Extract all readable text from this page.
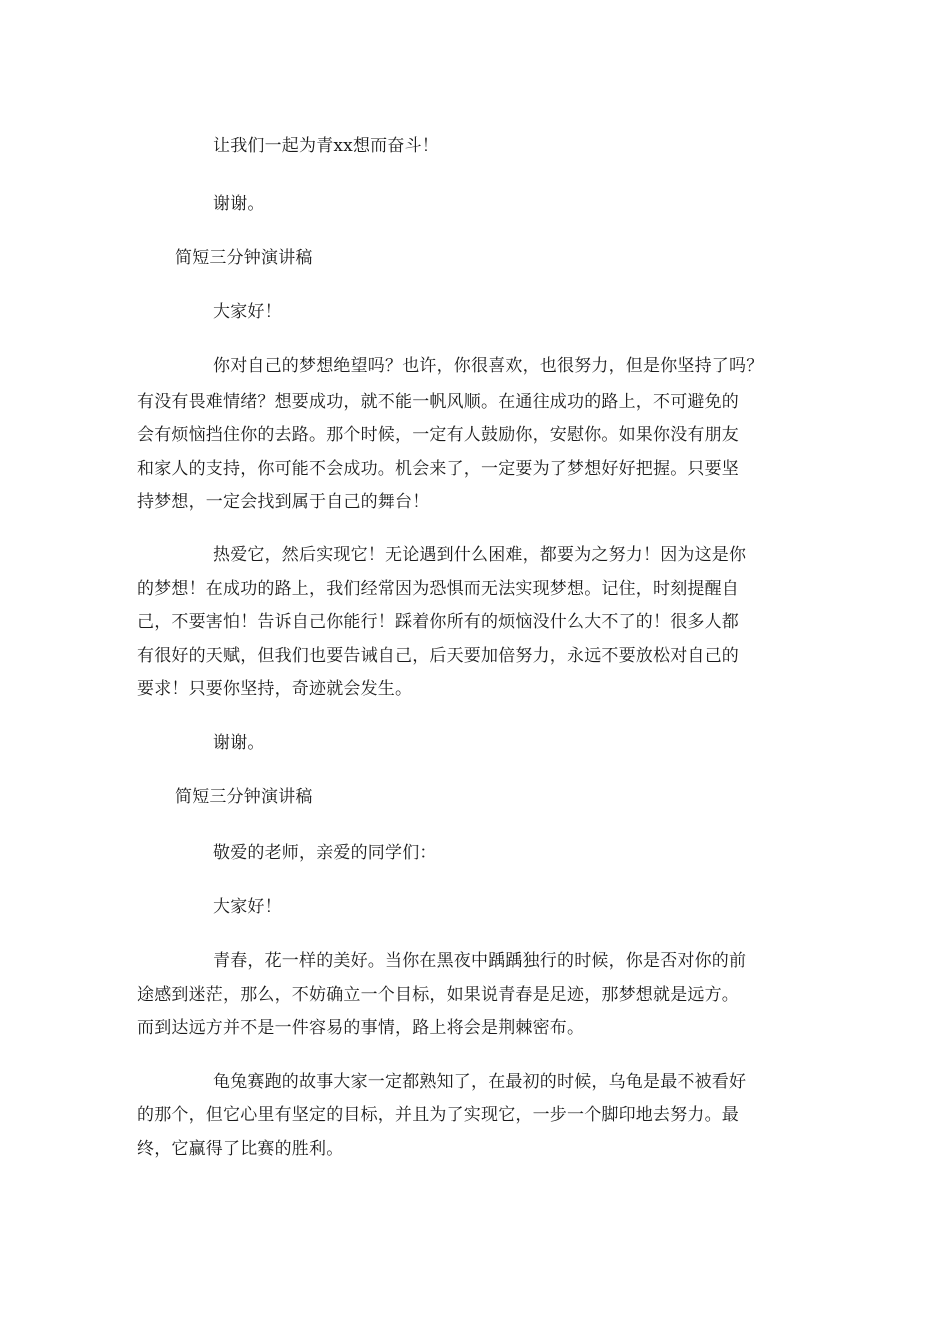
让我们一起为青xx想而奋斗！
谢谢。
简短三分钟演讲稿
大家好！
你对自己的梦想绝望吗？也许，你很喜欢，也很努力，但是你坚持了吗？
有没有畏难情绪？想要成功，就不能一帆风顺。在通往成功的路上，不可避免的
会有烦恼挡住你的去路。那个时候，一定有人鼓励你，安慰你。如果你没有朋友
和家人的支持，你可能不会成功。机会来了，一定要为了梦想好好把握。只要坚
持梦想，一定会找到属于自己的舞台！
热爱它，然后实现它！无论遇到什么困难，都要为之努力！因为这是你
的梦想！在成功的路上，我们经常因为恐惧而无法实现梦想。记住，时刻提醒自
己，不要害怕！告诉自己你能行！踩着你所有的烦恼没什么大不了的！很多人都
有很好的天赋，但我们也要告诫自己，后天要加倍努力，永远不要放松对自己的
要求！只要你坚持，奇迹就会发生。
谢谢。
简短三分钟演讲稿
敬爱的老师，亲爱的同学们：
大家好！
青春，花一样的美好。当你在黑夜中踽踽独行的时候，你是否对你的前
途感到迷茫，那么，不妨确立一个目标，如果说青春是足迹，那梦想就是远方。
而到达远方并不是一件容易的事情，路上将会是荆棘密布。
龟兔赛跑的故事大家一定都熟知了，在最初的时候，乌龟是最不被看好
的那个，但它心里有坚定的目标，并且为了实现它，一步一个脚印地去努力。最
终，它赢得了比赛的胜利。
